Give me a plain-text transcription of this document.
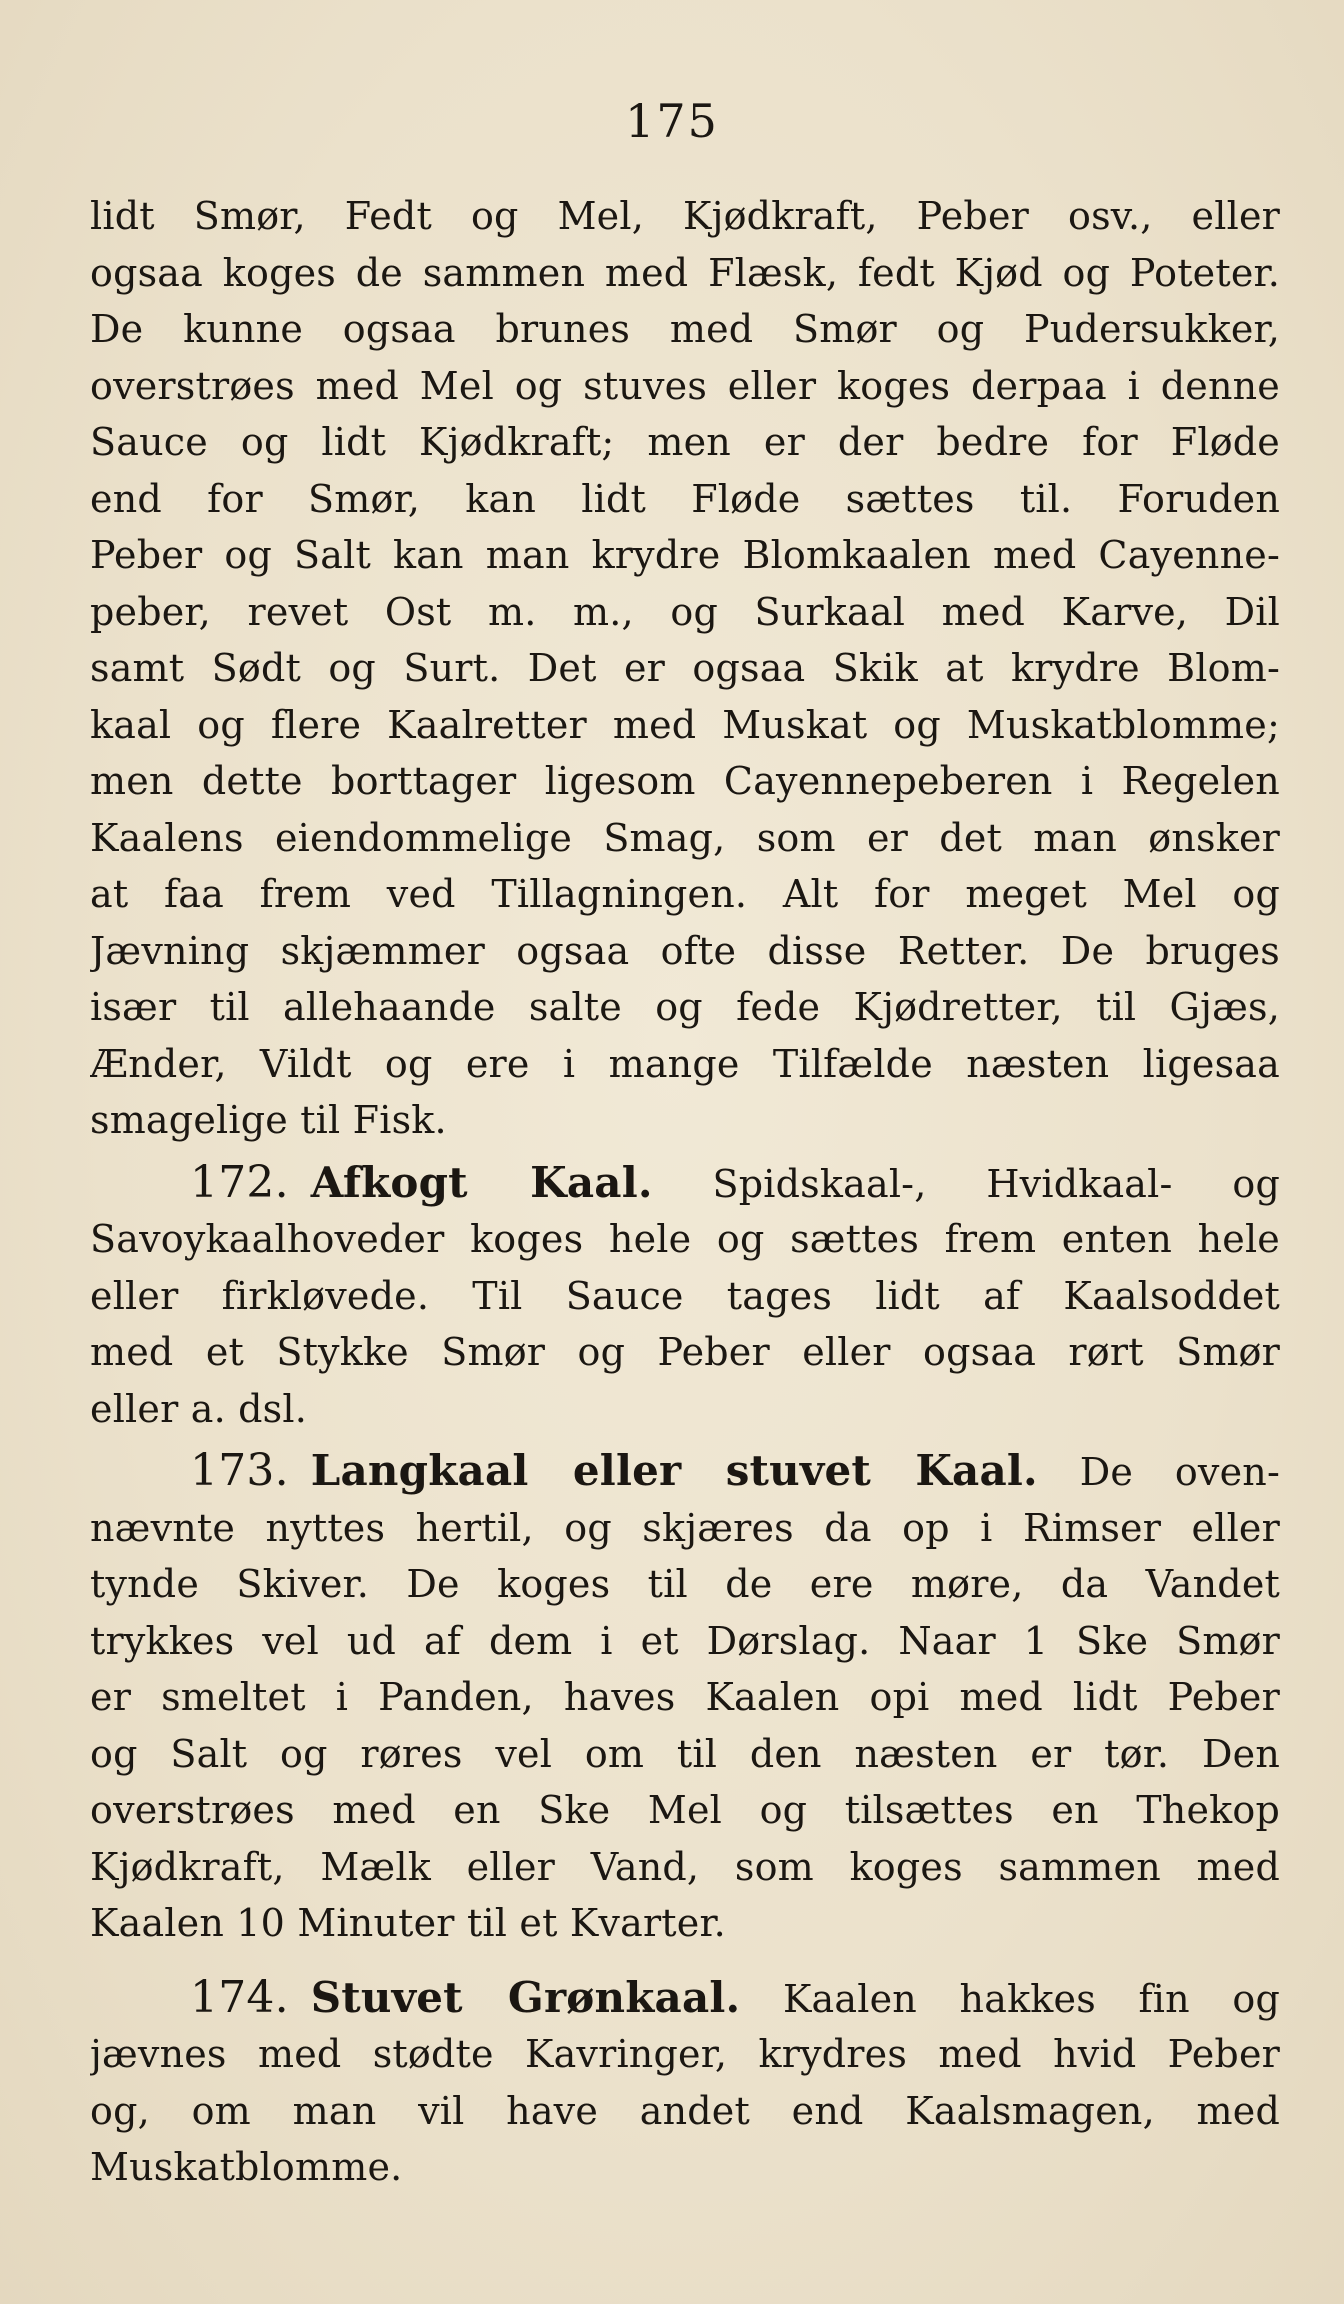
175
lidt Smør, Fedt og Mel, Kjødkraft, Peber osv., eller
ogsaa koges de sammen med Flæsk, fedt Kjød og Poteter.
De kunne ogsaa brunes med Smør og Pudersukker,
overstrøes med Mel og stuves eller koges derpaa i denne
Sauce og lidt Kjødkraft; men er der bedre for Fløde
end for Smør, kan lidt Fløde sættes til. Foruden
Peber og Salt kan man krydre Blomkaalen med Cayenne-
peber, revet Ost m. m., og Surkaal med Karve, Dil
samt Sødt og Surt. Det er ogsaa Skik at krydre Blom-
kaal og flere Kaalretter med Muskat og Muskatblomme;
men dette borttager ligesom Cayennepeberen i Regelen
Kaalens eiendommelige Smag, som er det man ønsker
at faa frem ved Tillagningen. Alt for meget Mel og
Jævning skjæmmer ogsaa ofte disse Retter. De bruges
især til allehaande salte og fede Kjødretter, til Gjæs,
Ænder, Vildt og ere i mange Tilfælde næsten ligesaa
smagelige til Fisk.
172. Afkogt Kaal. Spidskaal-, Hvidkaal- og
Savoykaalhoveder koges hele og sættes frem enten hele
eller firkløvede. Til Sauce tages lidt af Kaalsoddet
med et Stykke Smør og Peber eller ogsaa rørt Smør
eller a. dsl.
173. Langkaal eller stuvet Kaal. De oven-
nævnte nyttes hertil, og skjæres da op i Rimser eller
tynde Skiver. De koges til de ere møre, da Vandet
trykkes vel ud af dem i et Dørslag. Naar 1 Ske Smør
er smeltet i Panden, haves Kaalen opi med lidt Peber
og Salt og røres vel om til den næsten er tør. Den
overstrøes med en Ske Mel og tilsættes en Thekop
Kjødkraft, Mælk eller Vand, som koges sammen med
Kaalen 10 Minuter til et Kvarter.
174. Stuvet Grønkaal. Kaalen hakkes fin og
jævnes med stødte Kavringer, krydres med hvid Peber
og, om man vil have andet end Kaalsmagen, med
Muskatblomme.
